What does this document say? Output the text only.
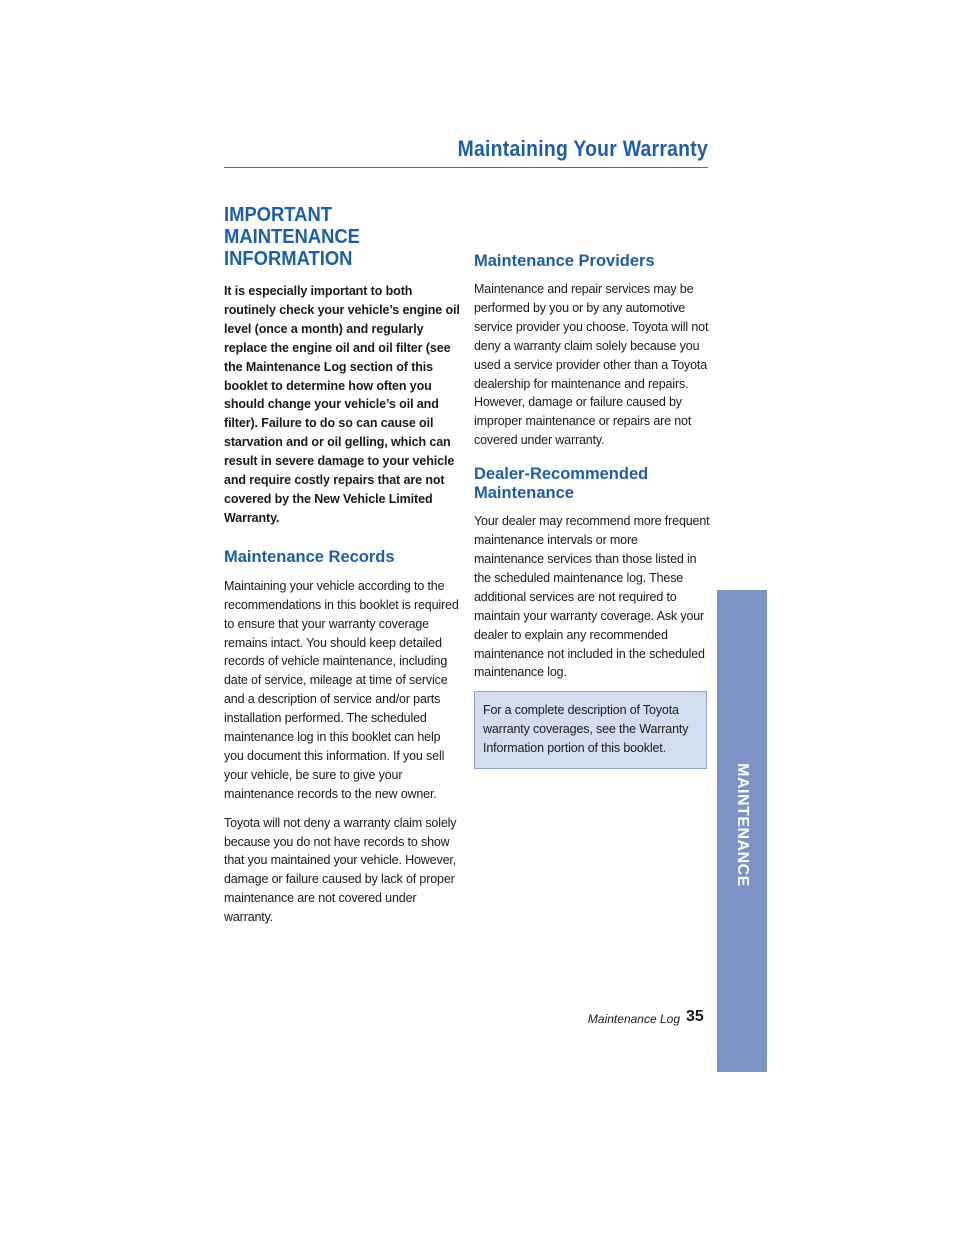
Maintaining Your Warranty
IMPORTANT MAINTENANCE INFORMATION

It is especially important to both routinely check your vehicle’s engine oil level (once a month) and regularly replace the engine oil and oil filter (see the Maintenance Log section of this booklet to determine how often you should change your vehicle’s oil and filter). Failure to do so can cause oil starvation and or oil gelling, which can result in severe damage to your vehicle and require costly repairs that are not covered by the New Vehicle Limited Warranty.

Maintenance Records

Maintaining your vehicle according to the recommendations in this booklet is required to ensure that your warranty coverage remains intact. You should keep detailed records of vehicle maintenance, including date of service, mileage at time of service and a description of service and/or parts installation performed. The scheduled maintenance log in this booklet can help you document this information. If you sell your vehicle, be sure to give your maintenance records to the new owner.

Toyota will not deny a warranty claim solely because you do not have records to show that you maintained your vehicle. However, damage or failure caused by lack of proper maintenance are not covered under warranty.

Maintenance Providers

Maintenance and repair services may be performed by you or by any automotive service provider you choose. Toyota will not deny a warranty claim solely because you used a service provider other than a Toyota dealership for maintenance and repairs. However, damage or failure caused by improper maintenance or repairs are not covered under warranty.

Dealer-Recommended Maintenance

Your dealer may recommend more frequent maintenance intervals or more maintenance services than those listed in the scheduled maintenance log. These additional services are not required to maintain your warranty coverage. Ask your dealer to explain any recommended maintenance not included in the scheduled maintenance log.

For a complete description of Toyota warranty coverages, see the Warranty Information portion of this booklet.

MAINTENANCE
Maintenance Log 35
